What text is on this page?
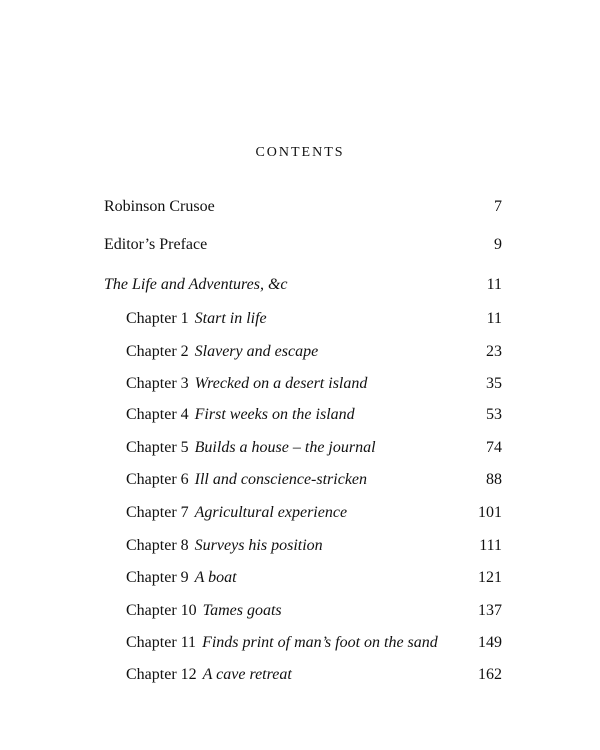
CONTENTS
Robinson Crusoe	7
Editor’s Preface	9
The Life and Adventures, &c	11
Chapter 1 Start in life	11
Chapter 2 Slavery and escape	23
Chapter 3 Wrecked on a desert island	35
Chapter 4 First weeks on the island	53
Chapter 5 Builds a house – the journal	74
Chapter 6 Ill and conscience-stricken	88
Chapter 7 Agricultural experience	101
Chapter 8 Surveys his position	111
Chapter 9 A boat	121
Chapter 10 Tames goats	137
Chapter 11 Finds print of man’s foot on the sand	149
Chapter 12 A cave retreat	162
